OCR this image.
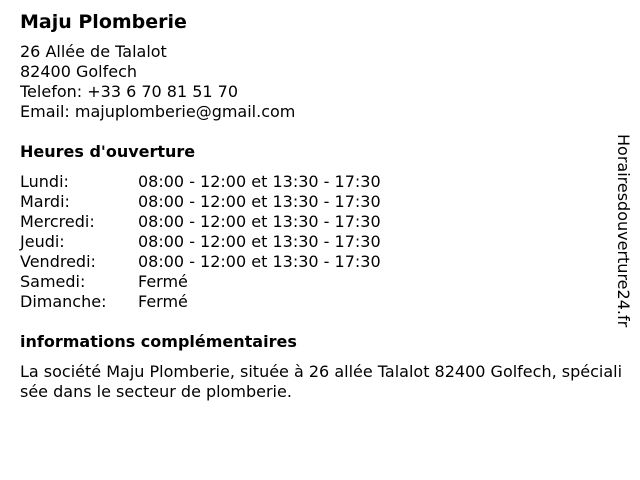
Maju Plomberie
26 Allée de Talalot
82400 Golfech
Telefon: +33 6 70 81 51 70
Email: majuplomberie@gmail.com
Heures d'ouverture
Lundi:	08:00 - 12:00 et 13:30 - 17:30
Mardi:	08:00 - 12:00 et 13:30 - 17:30
Mercredi:	08:00 - 12:00 et 13:30 - 17:30
Jeudi:	08:00 - 12:00 et 13:30 - 17:30
Vendredi:	08:00 - 12:00 et 13:30 - 17:30
Samedi:	Fermé
Dimanche:	Fermé
informations complémentaires
La société Maju Plomberie, située à 26 allée Talalot 82400 Golfech, spécialisée dans le secteur de plomberie.
Horairesdouverture24.fr
